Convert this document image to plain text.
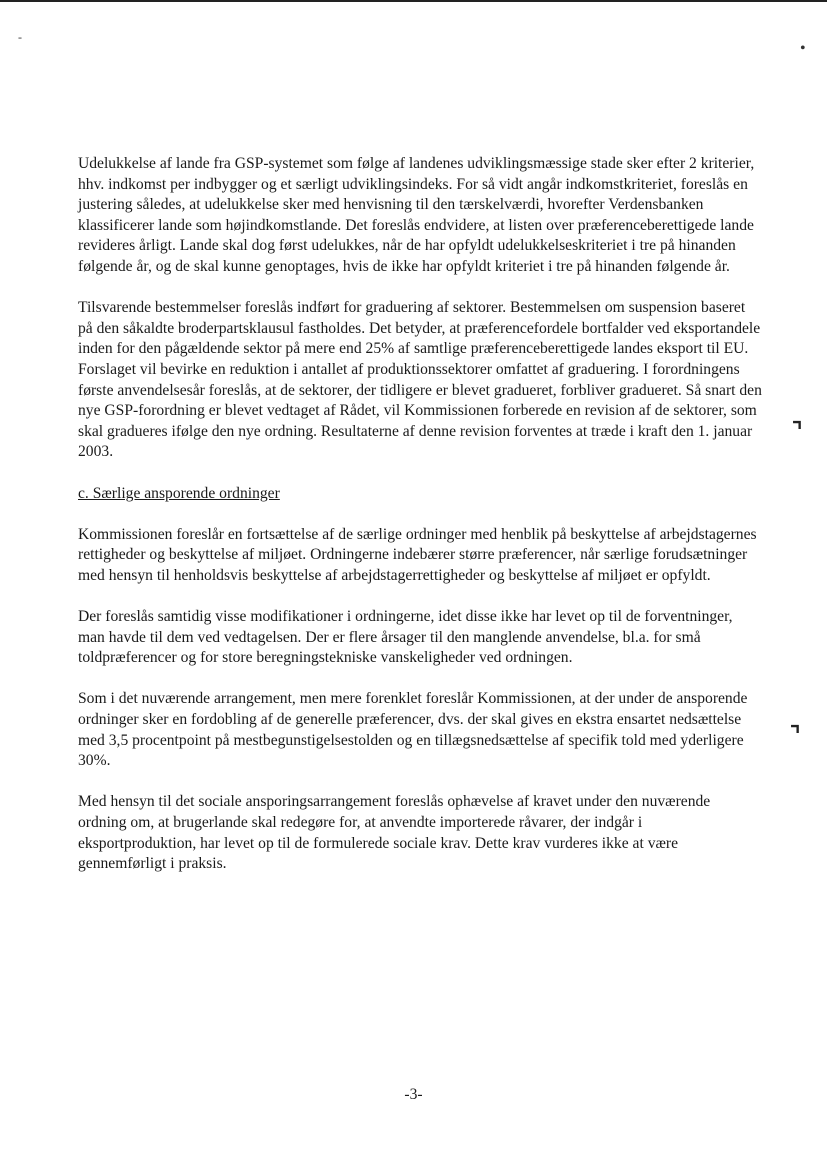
-
•
⌝
⌝

Udelukkelse af lande fra GSP-systemet som følge af landenes udviklingsmæssige stade sker efter 2 kriterier, hhv. indkomst per indbygger og et særligt udviklingsindeks. For så vidt angår indkomstkriteriet, foreslås en justering således, at udelukkelse sker med henvisning til den tærskelværdi, hvorefter Verdensbanken klassificerer lande som højindkomstlande. Det foreslås endvidere, at listen over præferenceberettigede lande revideres årligt. Lande skal dog først udelukkes, når de har opfyldt udelukkelseskriteriet i tre på hinanden følgende år, og de skal kunne genoptages, hvis de ikke har opfyldt kriteriet i tre på hinanden følgende år.

Tilsvarende bestemmelser foreslås indført for graduering af sektorer. Bestemmelsen om suspension baseret på den såkaldte broderpartsklausul fastholdes. Det betyder, at præferencefordele bortfalder ved eksportandele inden for den pågældende sektor på mere end 25% af samtlige præferenceberettigede landes eksport til EU. Forslaget vil bevirke en reduktion i antallet af produktionssektorer omfattet af graduering. I forordningens første anvendelsesår foreslås, at de sektorer, der tidligere er blevet gradueret, forbliver gradueret. Så snart den nye GSP-forordning er blevet vedtaget af Rådet, vil Kommissionen forberede en revision af de sektorer, som skal gradueres ifølge den nye ordning. Resultaterne af denne revision forventes at træde i kraft den 1. januar 2003.

c. Særlige ansporende ordninger

Kommissionen foreslår en fortsættelse af de særlige ordninger med henblik på beskyttelse af arbejdstagernes rettigheder og beskyttelse af miljøet. Ordningerne indebærer større præferencer, når særlige forudsætninger med hensyn til henholdsvis beskyttelse af arbejdstagerrettigheder og beskyttelse af miljøet er opfyldt.

Der foreslås samtidig visse modifikationer i ordningerne, idet disse ikke har levet op til de forventninger, man havde til dem ved vedtagelsen. Der er flere årsager til den manglende anvendelse, bl.a. for små toldpræferencer og for store beregningstekniske vanskeligheder ved ordningen.

Som i det nuværende arrangement, men mere forenklet foreslår Kommissionen, at der under de ansporende ordninger sker en fordobling af de generelle præferencer, dvs. der skal gives en ekstra ensartet nedsættelse med 3,5 procentpoint på mestbegunstigelsestolden og en tillægsnedsættelse af specifik told med yderligere 30%.

Med hensyn til det sociale ansporingsarrangement foreslås ophævelse af kravet under den nuværende ordning om, at brugerlande skal redegøre for, at anvendte importerede råvarer, der indgår i eksportproduktion, har levet op til de formulerede sociale krav. Dette krav vurderes ikke at være gennemførligt i praksis.

-3-
